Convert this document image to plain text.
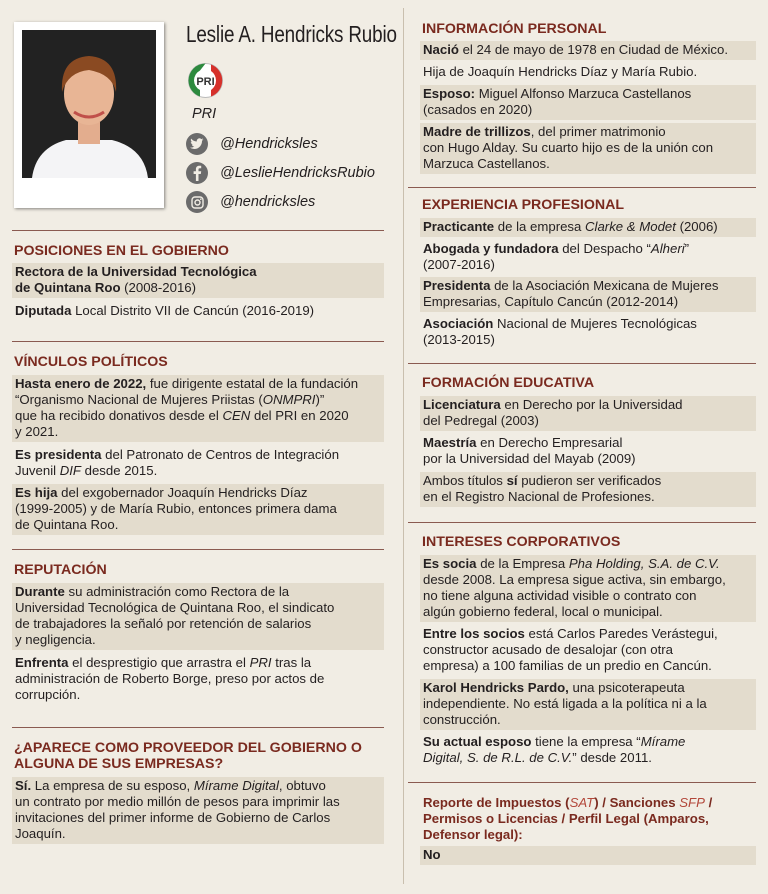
Leslie A. Hendricks Rubio
PRI
PRI
@Hendricksles
@LeslieHendricksRubio
@hendricksles
POSICIONES EN EL GOBIERNO

Rectora de la Universidad Tecnológica
de Quintana Roo (2008-2016)

Diputada Local Distrito VII de Cancún (2016-2019)

VÍNCULOS POLÍTICOS

Hasta enero de 2022, fue dirigente estatal de la fundación
“Organismo Nacional de Mujeres Priistas (ONMPRI)”
que ha recibido donativos desde el CEN del PRI en 2020
y 2021.

Es presidenta del Patronato de Centros de Integración
Juvenil DIF desde 2015.

Es hija del exgobernador Joaquín Hendricks Díaz
(1999-2005) y de María Rubio, entonces primera dama
de Quintana Roo.

REPUTACIÓN

Durante su administración como Rectora de la
Universidad Tecnológica de Quintana Roo, el sindicato
de trabajadores la señaló por retención de salarios
y negligencia.

Enfrenta el desprestigio que arrastra el PRI tras la
administración de Roberto Borge, preso por actos de
corrupción.

¿APARECE COMO PROVEEDOR DEL GOBIERNO O
ALGUNA DE SUS EMPRESAS?

Sí. La empresa de su esposo, Mírame Digital, obtuvo
un contrato por medio millón de pesos para imprimir las
invitaciones del primer informe de Gobierno de Carlos
Joaquín.

INFORMACIÓN PERSONAL

Nació el 24 de mayo de 1978 en Ciudad de México.

Hija de Joaquín Hendricks Díaz y María Rubio.

Esposo: Miguel Alfonso Marzuca Castellanos
(casados en 2020)

Madre de trillizos, del primer matrimonio
con Hugo Alday. Su cuarto hijo es de la unión con
Marzuca Castellanos.

EXPERIENCIA PROFESIONAL

Practicante de la empresa Clarke & Modet (2006)

Abogada y fundadora del Despacho “Alheri”
(2007-2016)

Presidenta de la Asociación Mexicana de Mujeres
Empresarias, Capítulo Cancún (2012-2014)

Asociación Nacional de Mujeres Tecnológicas
(2013-2015)

FORMACIÓN EDUCATIVA

Licenciatura en Derecho por la Universidad
del Pedregal (2003)

Maestría en Derecho Empresarial
por la Universidad del Mayab (2009)

Ambos títulos sí pudieron ser verificados
en el Registro Nacional de Profesiones.

INTERESES CORPORATIVOS

Es socia de la Empresa Pha Holding, S.A. de C.V.
desde 2008. La empresa sigue activa, sin embargo,
no tiene alguna actividad visible o contrato con
algún gobierno federal, local o municipal.

Entre los socios está Carlos Paredes Verástegui,
constructor acusado de desalojar (con otra
empresa) a 100 familias de un predio en Cancún.

Karol Hendricks Pardo, una psicoterapeuta
independiente. No está ligada a la política ni a la
construcción.

Su actual esposo tiene la empresa “Mírame
Digital, S. de R.L. de C.V.” desde 2011.

Reporte de Impuestos (SAT) / Sanciones SFP /
Permisos o Licencias / Perfil Legal (Amparos,
Defensor legal):

No
